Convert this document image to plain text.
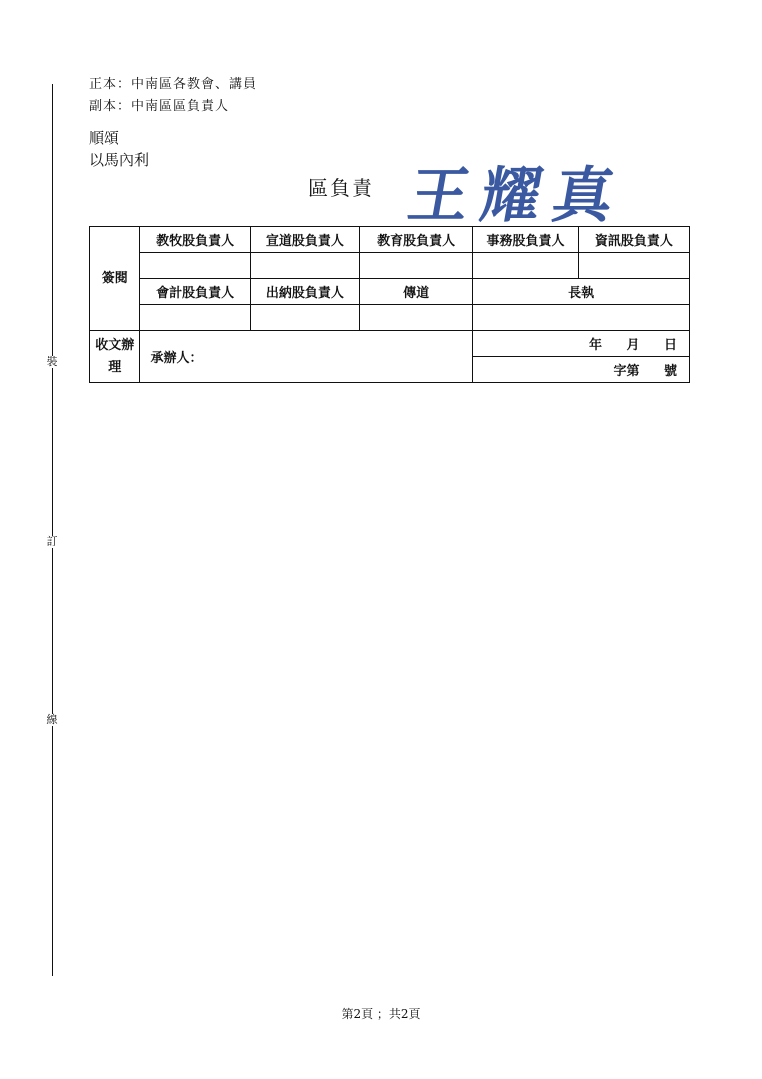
裝
訂
線
正本：中南區各教會、講員
副本：中南區區負責人
順頌
以馬內利
區負責 王耀真
簽閱	教牧股負責人	宣道股負責人	教育股負責人	事務股負責人	資訊股負責人

	會計股負責人	出納股負責人	傳道	長執	

收文辦理	承辦人：			年 月 日	
				字第 號	
第2頁 ；共2頁
